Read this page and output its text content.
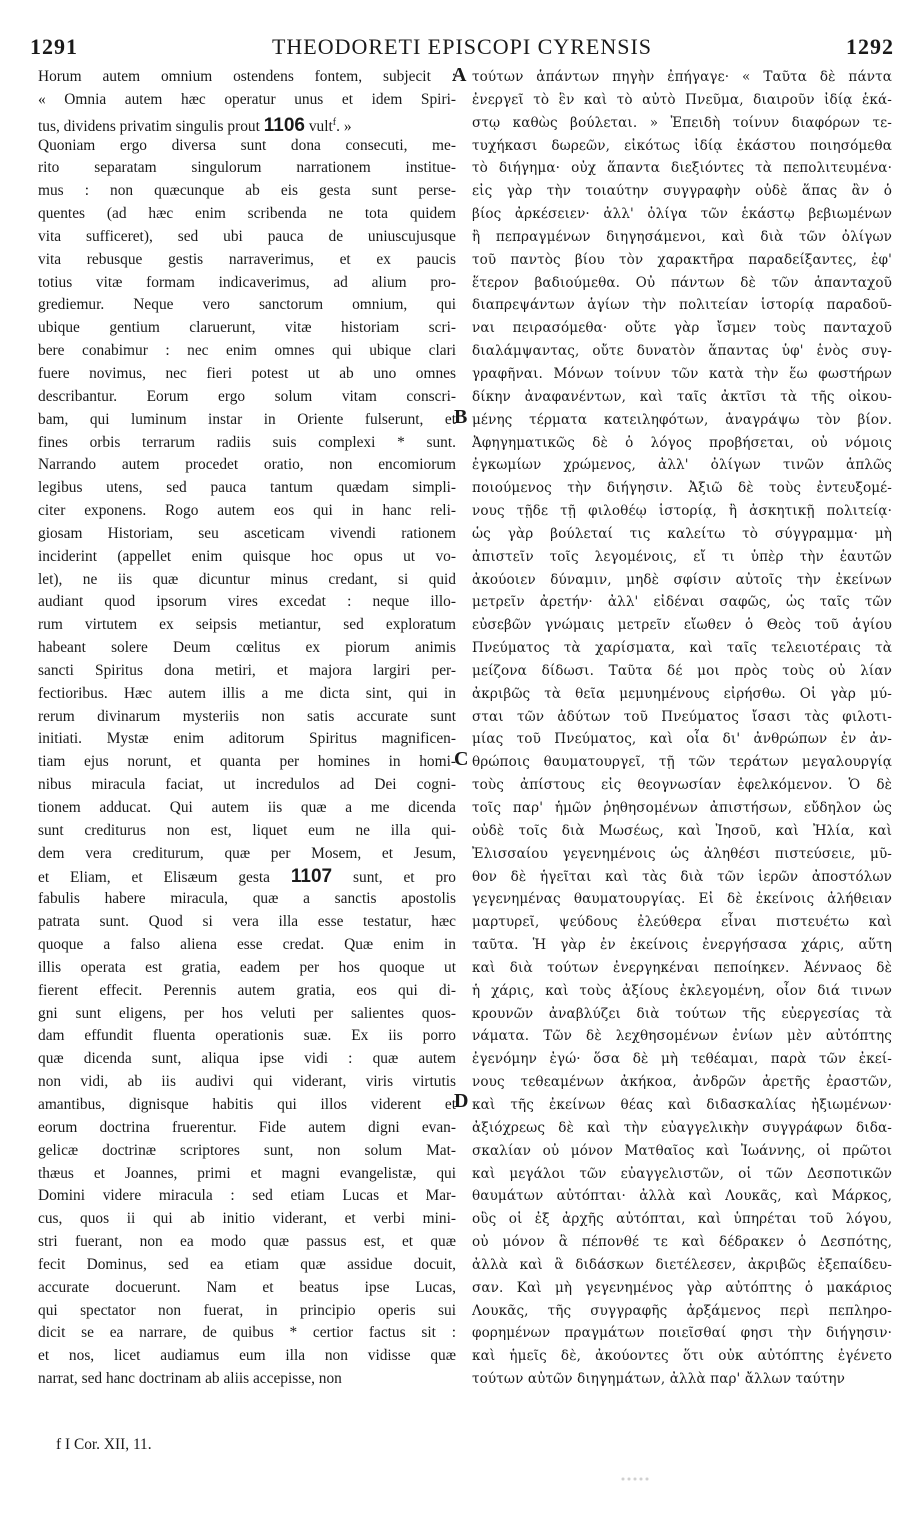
1291	THEODORETI EPISCOPI CYRENSIS	1292
Horum autem omnium ostendens fontem, subjecit :
« Omnia autem hæc operatur unus et idem Spiri-
tus, dividens privatim singulis prout 1106 vult$^f$. »
Quoniam ergo diversa sunt dona consecuti, me-
rito separatam singulorum narrationem institue-
mus : non quæcunque ab eis gesta sunt perse-
quentes (ad hæc enim scribenda ne tota quidem
vita sufficeret), sed ubi pauca de uniuscujusque
vita rebusque gestis narraverimus, et ex paucis
totius vitæ formam indicaverimus, ad alium pro-
grediemur. Neque vero sanctorum omnium, qui
ubique gentium claruerunt, vitæ historiam scri-
bere conabimur : nec enim omnes qui ubique clari
fuere novimus, nec fieri potest ut ab uno omnes
describantur. Eorum ergo solum vitam conscri-
bam, qui luminum instar in Oriente fulserunt, et
fines orbis terrarum radiis suis complexi * sunt.
Narrando autem procedet oratio, non encomiorum
legibus utens, sed pauca tantum quædam simpli-
citer exponens. Rogo autem eos qui in hanc reli-
giosam Historiam, seu asceticam vivendi rationem
inciderint (appellet enim quisque hoc opus ut vo-
let), ne iis quæ dicuntur minus credant, si quid
audiant quod ipsorum vires excedat : neque illo-
rum virtutem ex seipsis metiantur, sed exploratum
habeant solere Deum cœlitus ex piorum animis
sancti Spiritus dona metiri, et majora largiri per-
fectioribus. Hæc autem illis a me dicta sint, qui in
rerum divinarum mysteriis non satis accurate sunt
initiati. Mystæ enim aditorum Spiritus magnificen-
tiam ejus norunt, et quanta per homines in homi-
nibus miracula faciat, ut incredulos ad Dei cogni-
tionem adducat. Qui autem iis quæ a me dicenda
sunt crediturus non est, liquet eum ne illa qui-
dem vera crediturum, quæ per Mosem, et Jesum,
et Eliam, et Elisæum gesta 1107 sunt, et pro
fabulis habere miracula, quæ a sanctis apostolis
patrata sunt. Quod si vera illa esse testatur, hæc
quoque a falso aliena esse credat. Quæ enim in
illis operata est gratia, eadem per hos quoque ut
fierent effecit. Perennis autem gratia, eos qui di-
gni sunt eligens, per hos veluti per salientes quos-
dam effundit fluenta operationis suæ. Ex iis porro
quæ dicenda sunt, aliqua ipse vidi : quæ autem
non vidi, ab iis audivi qui viderant, viris virtutis
amantibus, dignisque habitis qui illos viderent et
eorum doctrina fruerentur. Fide autem digni evan-
gelicæ doctrinæ scriptores sunt, non solum Mat-
thæus et Joannes, primi et magni evangelistæ, qui
Domini videre miracula : sed etiam Lucas et Mar-
cus, quos ii qui ab initio viderant, et verbi mini-
stri fuerant, non ea modo quæ passus est, et quæ
fecit Dominus, sed ea etiam quæ assidue docuit,
accurate docuerunt. Nam et beatus ipse Lucas,
qui spectator non fuerat, in principio operis sui
dicit se ea narrare, de quibus * certior factus sit :
et nos, licet audiamus eum illa non vidisse quæ
narrat, sed hanc doctrinam ab aliis accepisse, non
τούτων ἁπάντων πηγὴν ἐπήγαγε· « Ταῦτα δὲ πάντα
ἐνεργεῖ τὸ ἓν καὶ τὸ αὐτὸ Πνεῦμα, διαιροῦν ἰδίᾳ ἑκά-
στῳ καθὼς βούλεται. » Ἐπειδὴ τοίνυν διαφόρων τε-
τυχήκασι δωρεῶν, εἰκότως ἰδίᾳ ἑκάστου ποιησόμεθα
τὸ διήγημα· οὐχ ἅπαντα διεξιόντες τὰ πεπολιτευμένα·
εἰς γὰρ τὴν τοιαύτην συγγραφὴν οὐδὲ ἅπας ἂν ὁ
βίος ἀρκέσειεν· ἀλλ' ὀλίγα τῶν ἑκάστῳ βεβιωμένων
ἢ πεπραγμένων διηγησάμενοι, καὶ διὰ τῶν ὀλίγων
τοῦ παντὸς βίου τὸν χαρακτῆρα παραδείξαντες, ἐφ'
ἕτερον βαδιούμεθα. Οὐ πάντων δὲ τῶν ἁπανταχοῦ
διαπρεψάντων ἁγίων τὴν πολιτείαν ἱστορίᾳ παραδοῦ-
ναι πειρασόμεθα· οὔτε γὰρ ἴσμεν τοὺς πανταχοῦ
διαλάμψαντας, οὔτε δυνατὸν ἅπαντας ὑφ' ἑνὸς συγ-
γραφῆναι. Μόνων τοίνυν τῶν κατὰ τὴν ἕω φωστήρων
δίκην ἀναφανέντων, καὶ ταῖς ἀκτῖσι τὰ τῆς οἰκου-
μένης τέρματα κατειληφότων, ἀναγράψω τὸν βίον.
Ἀφηγηματικῶς δὲ ὁ λόγος προβήσεται, οὐ νόμοις
ἐγκωμίων χρώμενος, ἀλλ' ὀλίγων τινῶν ἁπλῶς
ποιούμενος τὴν διήγησιν. Ἀξιῶ δὲ τοὺς ἐντευξομέ-
νους τῇδε τῇ φιλοθέῳ ἱστορίᾳ, ἢ ἀσκητικῇ πολιτείᾳ·
ὡς γὰρ βούλεταί τις καλείτω τὸ σύγγραμμα· μὴ
ἀπιστεῖν τοῖς λεγομένοις, εἴ τι ὑπὲρ τὴν ἑαυτῶν
ἀκούοιεν δύναμιν, μηδὲ σφίσιν αὐτοῖς τὴν ἐκείνων
μετρεῖν ἀρετήν· ἀλλ' εἰδέναι σαφῶς, ὡς ταῖς τῶν
εὐσεβῶν γνώμαις μετρεῖν εἴωθεν ὁ Θεὸς τοῦ ἁγίου
Πνεύματος τὰ χαρίσματα, καὶ ταῖς τελειοτέραις τὰ
μείζονα δίδωσι. Ταῦτα δέ μοι πρὸς τοὺς οὐ λίαν
ἀκριβῶς τὰ θεῖα μεμυημένους εἰρήσθω. Οἱ γὰρ μύ-
σται τῶν ἀδύτων τοῦ Πνεύματος ἴσασι τὰς φιλοτι-
μίας τοῦ Πνεύματος, καὶ οἷα δι' ἀνθρώπων ἐν ἀν-
θρώποις θαυματουργεῖ, τῇ τῶν τεράτων μεγαλουργίᾳ
τοὺς ἀπίστους εἰς θεογνωσίαν ἐφελκόμενον. Ὁ δὲ
τοῖς παρ' ἡμῶν ῥηθησομένων ἀπιστήσων, εὔδηλον ὡς
οὐδὲ τοῖς διὰ Μωσέως, καὶ Ἰησοῦ, καὶ Ἠλία, καὶ
Ἐλισσαίου γεγενημένοις ὡς ἀληθέσι πιστεύσειε, μῦ-
θον δὲ ἡγεῖται καὶ τὰς διὰ τῶν ἱερῶν ἀποστόλων
γεγενημένας θαυματουργίας. Εἰ δὲ ἐκείνοις ἀλήθειαν
μαρτυρεῖ, ψεύδους ἐλεύθερα εἶναι πιστευέτω καὶ
ταῦτα. Ἡ γὰρ ἐν ἐκείνοις ἐνεργήσασα χάρις, αὕτη
καὶ διὰ τούτων ἐνεργηκέναι πεποίηκεν. Ἀέννaος δὲ
ἡ χάρις, καὶ τοὺς ἀξίους ἐκλεγομένη, οἷον διά τινων
κρουνῶν ἀναβλύζει διὰ τούτων τῆς εὐεργεσίας τὰ
νάματα. Τῶν δὲ λεχθησομένων ἐνίων μὲν αὐτόπτης
ἐγενόμην ἐγώ· ὅσα δὲ μὴ τεθέαμαι, παρὰ τῶν ἐκεί-
νους τεθεαμένων ἀκήκοα, ἀνδρῶν ἀρετῆς ἐραστῶν,
καὶ τῆς ἐκείνων θέας καὶ διδασκαλίας ἠξιωμένων·
ἀξιόχρεως δὲ καὶ τὴν εὐαγγελικὴν συγγράφων διδα-
σκαλίαν οὐ μόνον Ματθαῖος καὶ Ἰωάννης, οἱ πρῶτοι
καὶ μεγάλοι τῶν εὐαγγελιστῶν, οἱ τῶν Δεσποτικῶν
θαυμάτων αὐτόπται· ἀλλὰ καὶ Λουκᾶς, καὶ Μάρκος,
οὓς οἱ ἐξ ἀρχῆς αὐτόπται, καὶ ὑπηρέται τοῦ λόγου,
οὐ μόνον ἃ πέπονθέ τε καὶ δέδρακεν ὁ Δεσπότης,
ἀλλὰ καὶ ἃ διδάσκων διετέλεσεν, ἀκριβῶς ἐξεπαίδευ-
σαν. Καὶ μὴ γεγενημένος γὰρ αὐτόπτης ὁ μακάριος
Λουκᾶς, τῆς συγγραφῆς ἀρξάμενος περὶ πεπληρο-
φορημένων πραγμάτων ποιεῖσθαί φησι τὴν διήγησιν·
καὶ ἡμεῖς δὲ, ἀκούοντες ὅτι οὐκ αὐτόπτης ἐγένετο
τούτων αὐτῶν διηγημάτων, ἀλλὰ παρ' ἄλλων ταύτην
A
B
C
D
f I Cor. XII, 11.
